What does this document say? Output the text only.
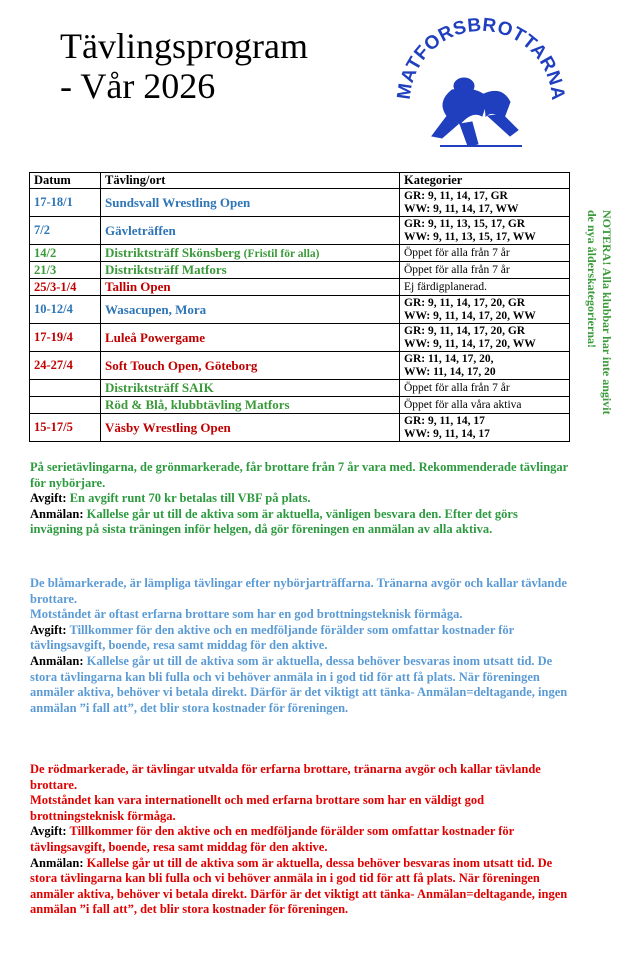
Tävlingsprogram
- Vår 2026	MATFORSBROTTARNA
Datum	Tävling/ort	Kategorier
17-18/1	Sundsvall Wrestling Open	GR: 9, 11, 14, 17, GR
WW: 9, 11, 14, 17, WW

7/2	Gävleträffen	GR: 9, 11, 13, 15, 17, GR
WW: 9, 11, 13, 15, 17, WW

14/2	Distriktsträff Skönsberg (Fristil för alla)	Öppet för alla från 7 år
21/3	Distriktsträff Matfors	Öppet för alla från 7 år
25/3-1/4	Tallin Open	Ej färdigplanerad.
10-12/4	Wasacupen, Mora	GR: 9, 11, 14, 17, 20, GR
WW: 9, 11, 14, 17, 20, WW

17-19/4	Luleå Powergame	GR: 9, 11, 14, 17, 20, GR
WW: 9, 11, 14, 17, 20, WW

24-27/4	Soft Touch Open, Göteborg	GR: 11, 14, 17, 20,
WW: 11, 14, 17, 20

	Distriktsträff SAIK	Öppet för alla från 7 år
	Röd & Blå, klubbtävling Matfors	Öppet för alla våra aktiva
15-17/5	Väsby Wrestling Open	GR: 9, 11, 14, 17
WW: 9, 11, 14, 17
NOTERA! Alla klubbar har inte angivit de nya ålderskategorierna!

På serietävlingarna, de grönmarkerade, får brottare från 7 år vara med. Rekommenderade tävlingar för nybörjare.

Avgift: En avgift runt 70 kr betalas till VBF på plats.

Anmälan: Kallelse går ut till de aktiva som är aktuella, vänligen besvara den. Efter det görs invägning på sista träningen inför helgen, då gör föreningen en anmälan av alla aktiva.

De blåmarkerade, är lämpliga tävlingar efter nybörjarträffarna. Tränarna avgör och kallar tävlande brottare.

Motståndet är oftast erfarna brottare som har en god brottningsteknisk förmåga.

Avgift: Tillkommer för den aktive och en medföljande förälder som omfattar kostnader för tävlingsavgift, boende, resa samt middag för den aktive.

Anmälan: Kallelse går ut till de aktiva som är aktuella, dessa behöver besvaras inom utsatt tid. De stora tävlingarna kan bli fulla och vi behöver anmäla in i god tid för att få plats. När föreningen anmäler aktiva, behöver vi betala direkt. Därför är det viktigt att tänka- Anmälan=deltagande, ingen anmälan ”i fall att”, det blir stora kostnader för föreningen.

De rödmarkerade, är tävlingar utvalda för erfarna brottare, tränarna avgör och kallar tävlande brottare.

Motståndet kan vara internationellt och med erfarna brottare som har en väldigt god brottningsteknisk förmåga.

Avgift: Tillkommer för den aktive och en medföljande förälder som omfattar kostnader för tävlingsavgift, boende, resa samt middag för den aktive.

Anmälan: Kallelse går ut till de aktiva som är aktuella, dessa behöver besvaras inom utsatt tid. De stora tävlingarna kan bli fulla och vi behöver anmäla in i god tid för att få plats. När föreningen anmäler aktiva, behöver vi betala direkt. Därför är det viktigt att tänka- Anmälan=deltagande, ingen anmälan ”i fall att”, det blir stora kostnader för föreningen.
